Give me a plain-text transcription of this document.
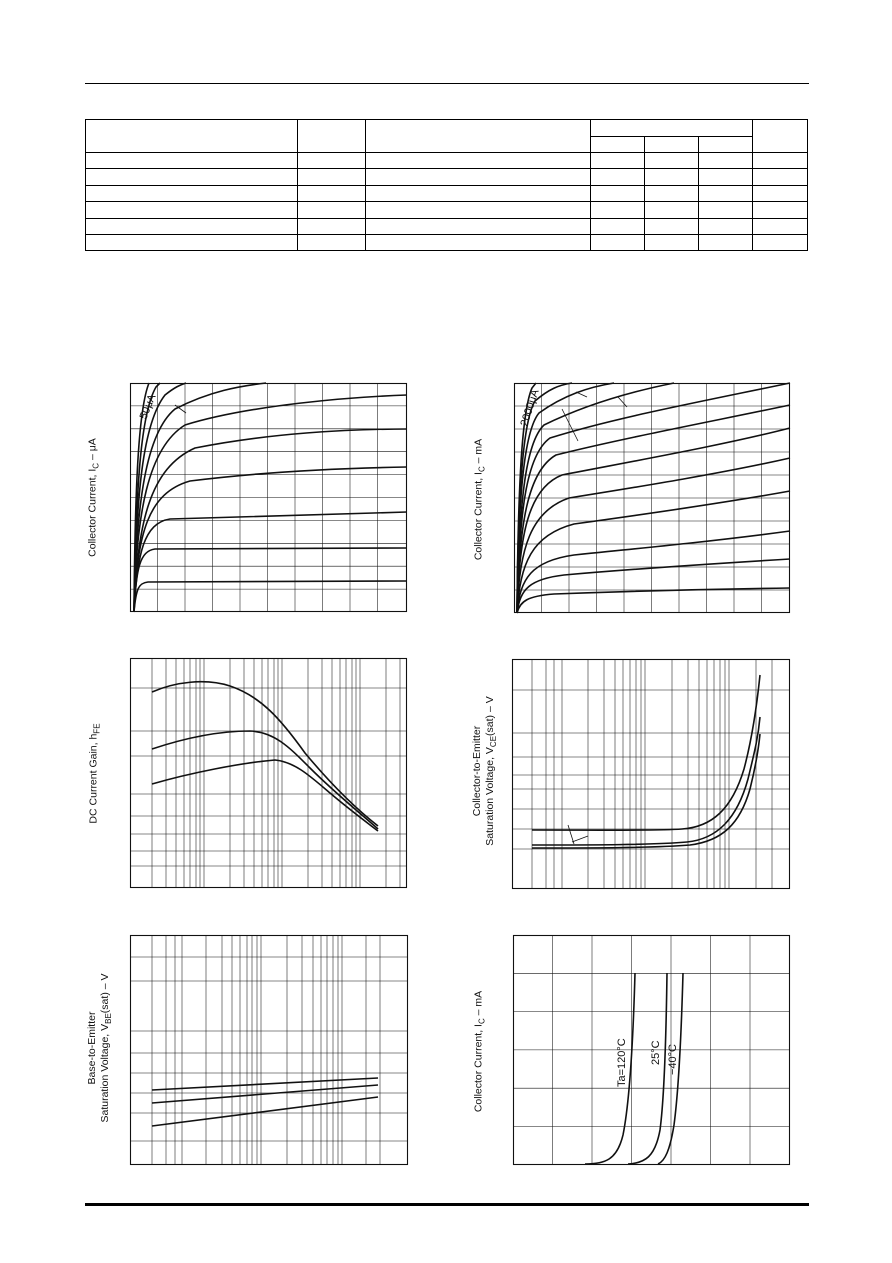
Collector Current, $I_C$ – μA
50μA
Collector Current, $I_C$ – mA
2000μA
DC Current Gain, $h_{FE}$	Collector-to-Emitter Saturation Voltage, $V_{CE}(sat)$ – V
Base-to-Emitter Saturation Voltage, $V_{BE}(sat)$ – V
Collector Current, $I_C$ – mA
Ta=120°C 25°C −40°C
